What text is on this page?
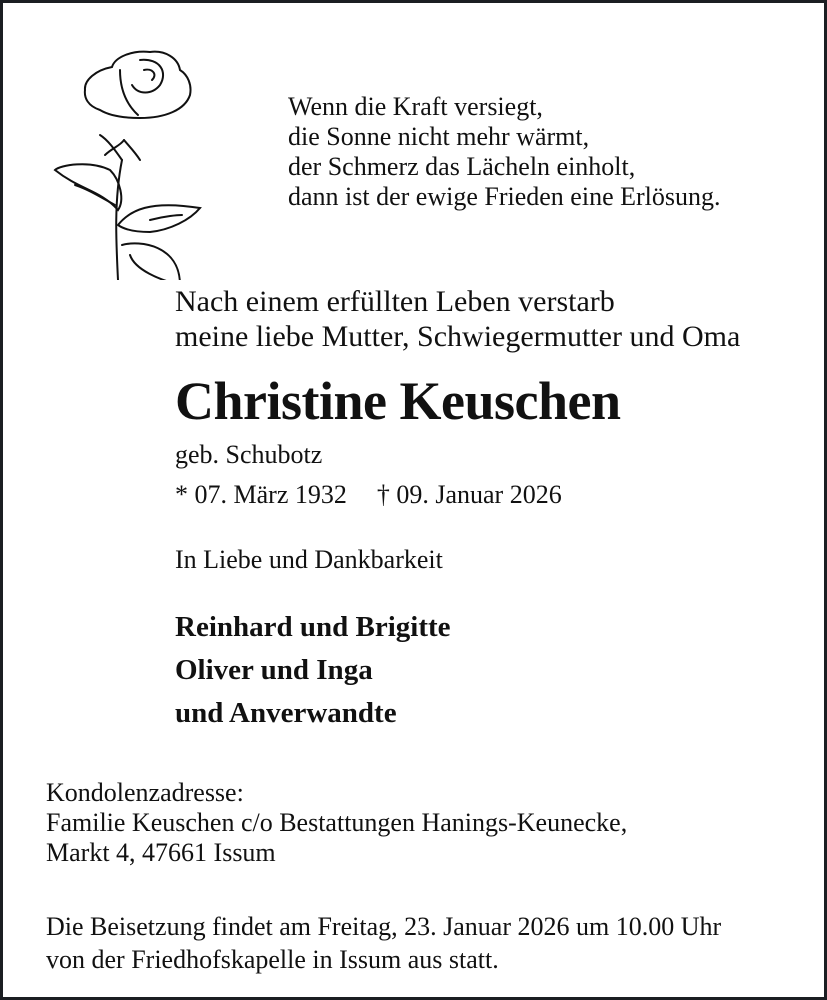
Wenn die Kraft versiegt,
die Sonne nicht mehr wärmt,
der Schmerz das Lächeln einholt,
dann ist der ewige Frieden eine Erlösung.
Nach einem erfüllten Leben verstarb
meine liebe Mutter, Schwiegermutter und Oma
Christine Keuschen
geb. Schubotz
* 07. März 1932 † 09. Januar 2026
In Liebe und Dankbarkeit
Reinhard und Brigitte
Oliver und Inga
und Anverwandte
Kondolenzadresse:
Familie Keuschen c/o Bestattungen Hanings-Keunecke,
Markt 4, 47661 Issum
Die Beisetzung findet am Freitag, 23. Januar 2026 um 10.00 Uhr
von der Friedhofskapelle in Issum aus statt.
